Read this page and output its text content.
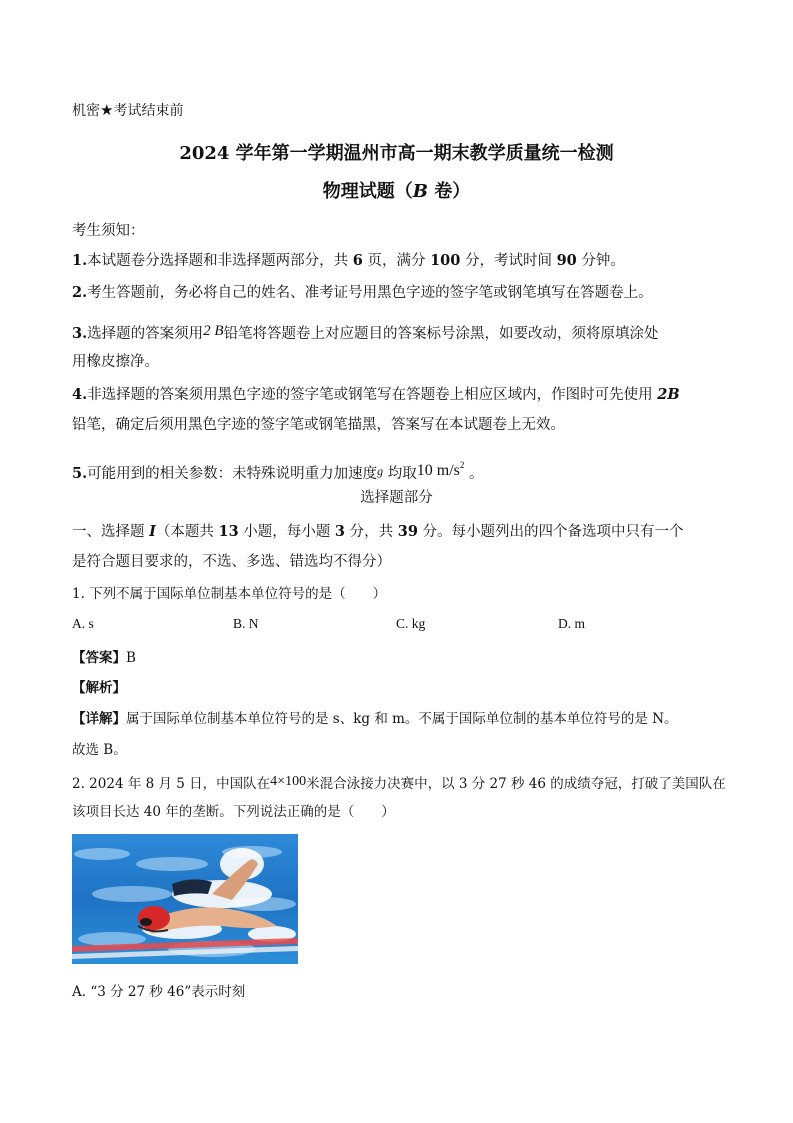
机密★考试结束前
2024 学年第一学期温州市高一期末教学质量统一检测
物理试题（B 卷）
考生须知：
1.本试题卷分选择题和非选择题两部分，共 6 页，满分 100 分，考试时间 90 分钟。
2.考生答题前，务必将自己的姓名、准考证号用黑色字迹的签字笔或钢笔填写在答题卷上。
3.选择题的答案须用2 B铅笔将答题卷上对应题目的答案标号涂黑，如要改动，须将原填涂处
用橡皮擦净。
4.非选择题的答案须用黑色字迹的签字笔或钢笔写在答题卷上相应区域内，作图时可先使用 2B
铅笔，确定后须用黑色字迹的签字笔或钢笔描黑，答案写在本试题卷上无效。
5.可能用到的相关参数：未特殊说明重力加速度$^g$ 均取10 $m/s^2$ 。
选择题部分
一、选择题 I（本题共 13 小题，每小题 3 分，共 39 分。每小题列出的四个备选项中只有一个
是符合题目要求的，不选、多选、错选均不得分）
1. 下列不属于国际单位制基本单位符号的是（　　）
A. s	B. N	C. kg	D. m
【答案】B
【解析】
【详解】属于国际单位制基本单位符号的是 s、kg 和 m。不属于国际单位制的基本单位符号的是 N。
故选 B。
2. 2024 年 8 月 5 日，中国队在4×100米混合泳接力决赛中，以 3 分 27 秒 46 的成绩夺冠，打破了美国队在
该项目长达 40 年的垄断。下列说法正确的是（　　）
A. “3 分 27 秒 46”表示时刻
